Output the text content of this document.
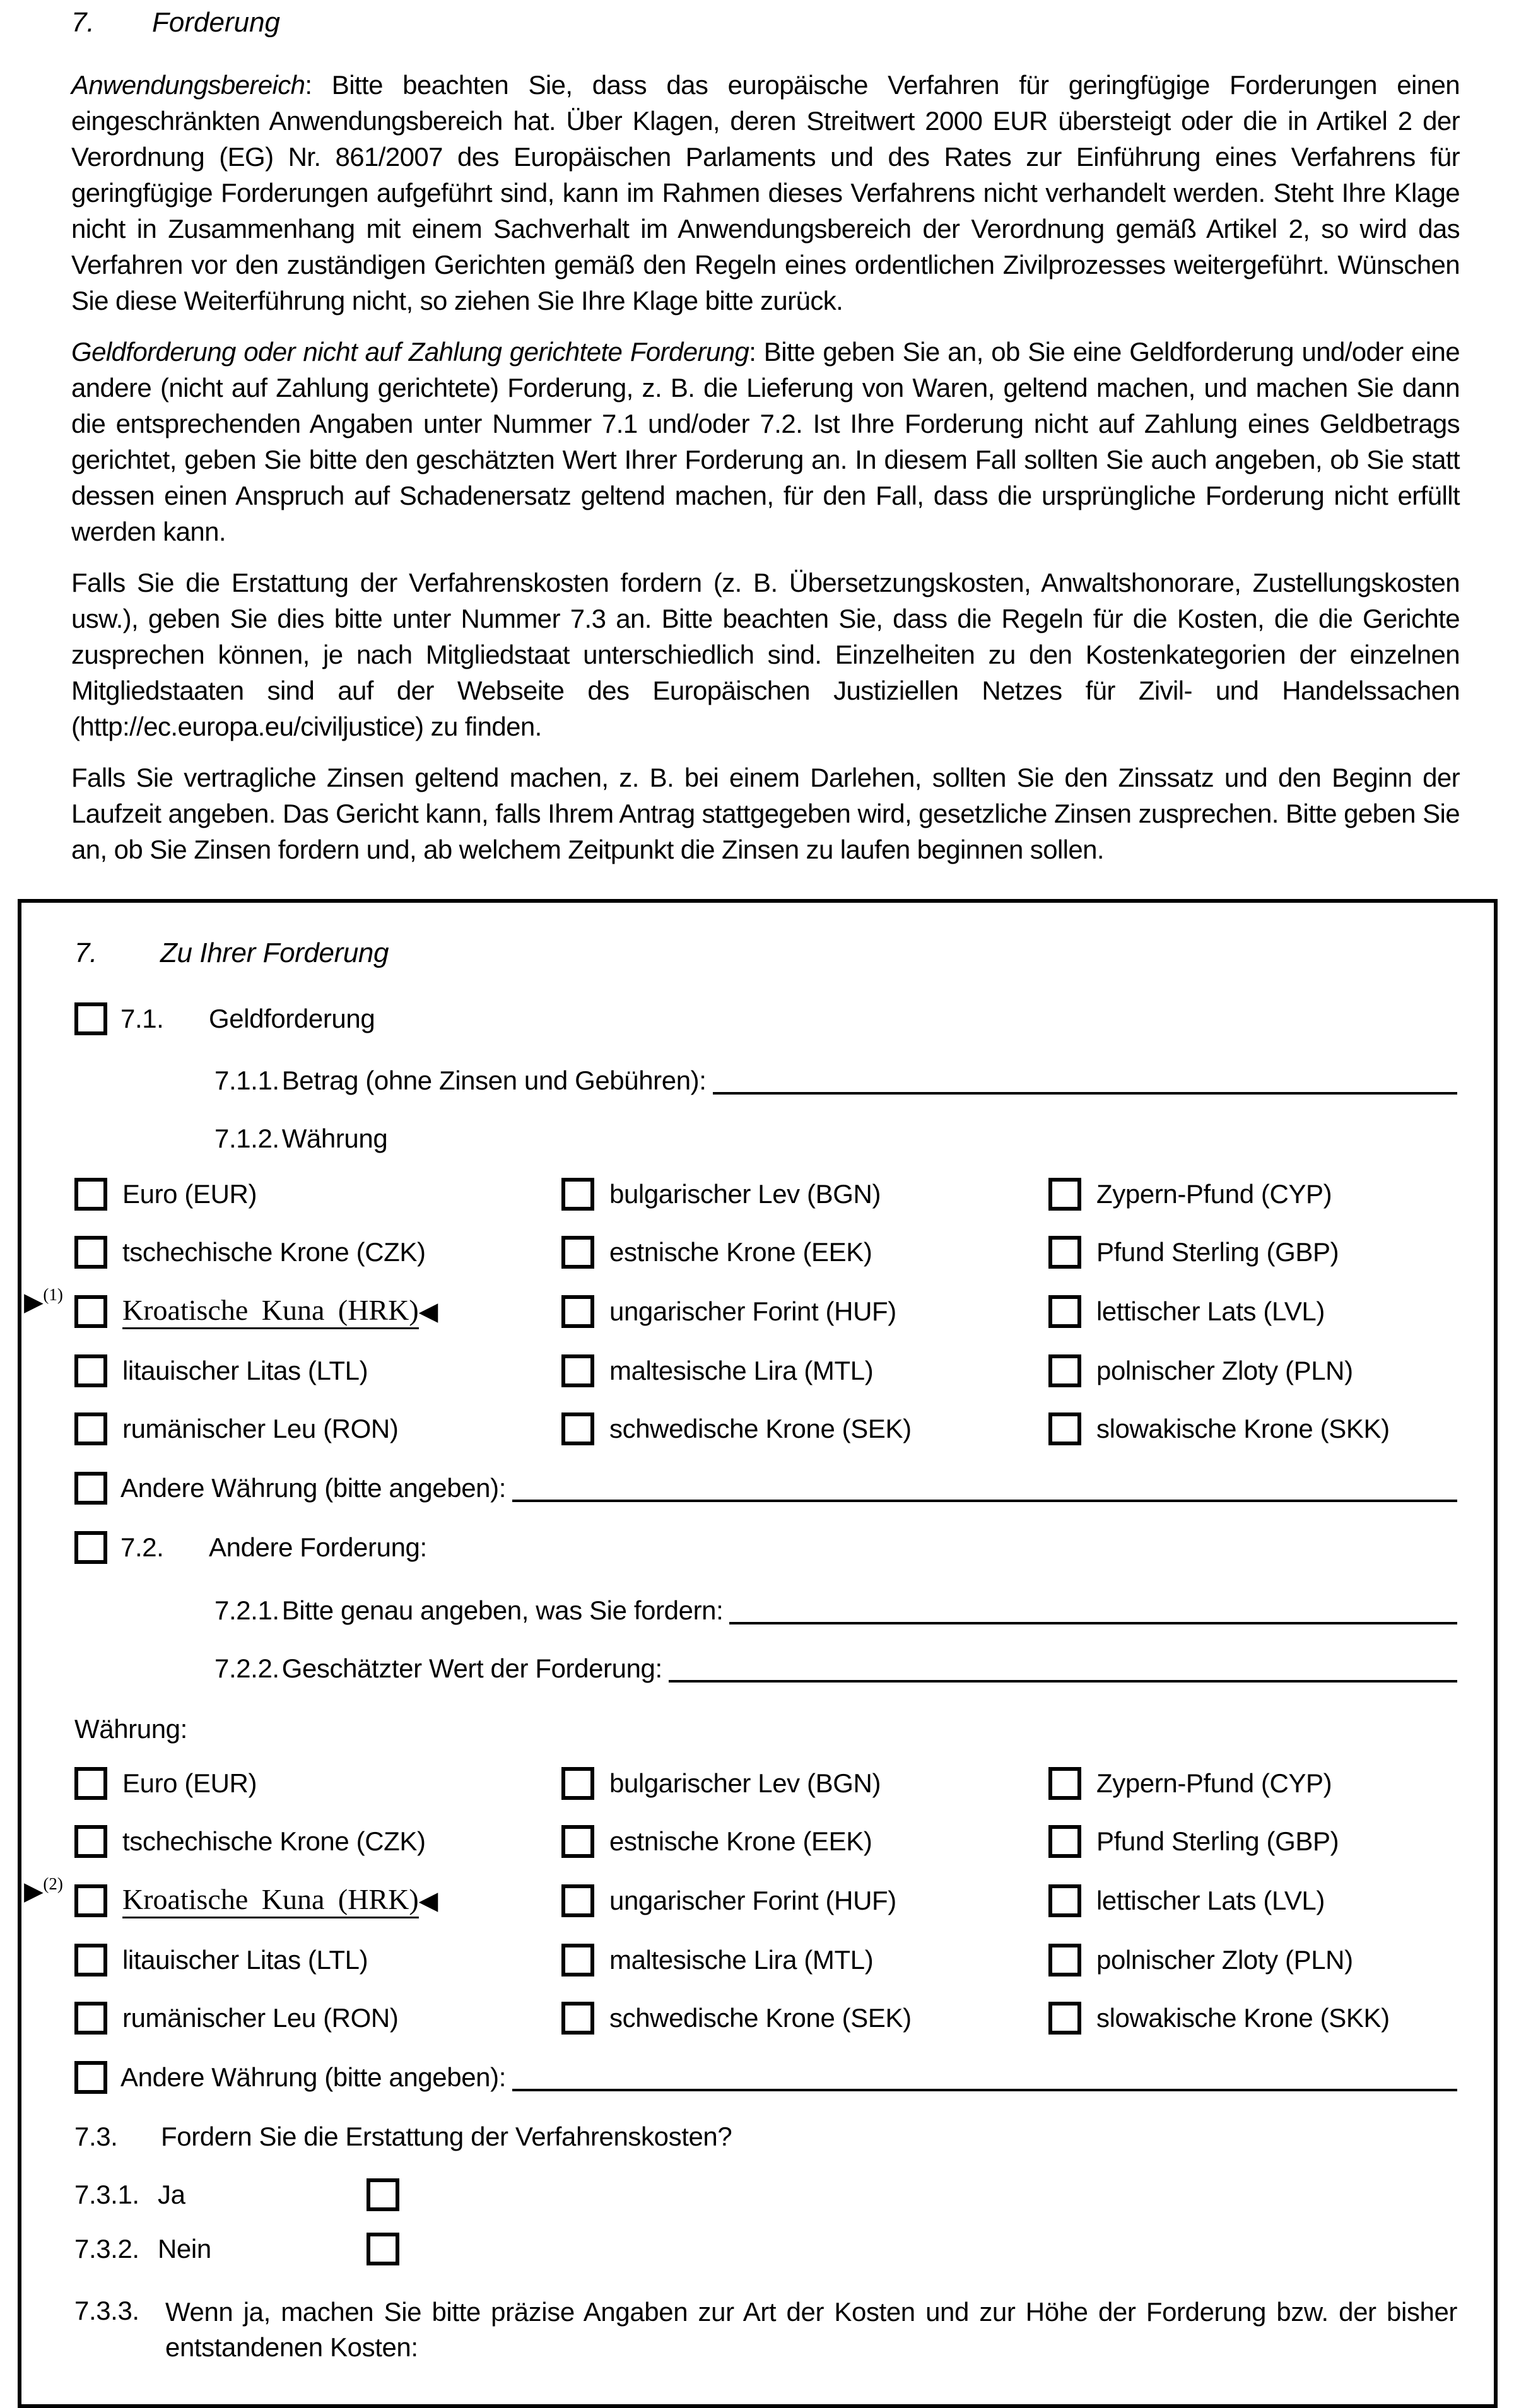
7.	Forderung

Anwendungsbereich: Bitte beachten Sie, dass das europäische Verfahren für geringfügige Forderungen einen eingeschränkten Anwendungsbereich hat. Über Klagen, deren Streitwert 2000 EUR übersteigt oder die in Artikel 2 der Verordnung (EG) Nr. 861/2007 des Europäischen Parlaments und des Rates zur Einführung eines Verfahrens für geringfügige Forderungen aufgeführt sind, kann im Rahmen dieses Verfahrens nicht verhandelt werden. Steht Ihre Klage nicht in Zusammenhang mit einem Sachverhalt im Anwendungsbereich der Verordnung gemäß Artikel 2, so wird das Verfahren vor den zuständigen Gerichten gemäß den Regeln eines ordentlichen Zivilprozesses weitergeführt. Wünschen Sie diese Weiterführung nicht, so ziehen Sie Ihre Klage bitte zurück.

Geldforderung oder nicht auf Zahlung gerichtete Forderung: Bitte geben Sie an, ob Sie eine Geldforderung und/oder eine andere (nicht auf Zahlung gerichtete) Forderung, z. B. die Lieferung von Waren, geltend machen, und machen Sie dann die entsprechenden Angaben unter Nummer 7.1 und/oder 7.2. Ist Ihre Forderung nicht auf Zahlung eines Geldbetrags gerichtet, geben Sie bitte den geschätzten Wert Ihrer Forderung an. In diesem Fall sollten Sie auch angeben, ob Sie statt dessen einen Anspruch auf Schadenersatz geltend machen, für den Fall, dass die ursprüngliche Forderung nicht erfüllt werden kann.

Falls Sie die Erstattung der Verfahrenskosten fordern (z. B. Übersetzungskosten, Anwaltshonorare, Zustellungskosten usw.), geben Sie dies bitte unter Nummer 7.3 an. Bitte beachten Sie, dass die Regeln für die Kosten, die die Gerichte zusprechen können, je nach Mitgliedstaat unterschiedlich sind. Einzelheiten zu den Kostenkategorien der einzelnen Mitgliedstaaten sind auf der Webseite des Europäischen Justiziellen Netzes für Zivil- und Handelssachen (http://ec.europa.eu/civiljustice) zu finden.

Falls Sie vertragliche Zinsen geltend machen, z. B. bei einem Darlehen, sollten Sie den Zinssatz und den Beginn der Laufzeit angeben. Das Gericht kann, falls Ihrem Antrag stattgegeben wird, gesetzliche Zinsen zusprechen. Bitte geben Sie an, ob Sie Zinsen fordern und, ab welchem Zeitpunkt die Zinsen zu laufen beginnen sollen.

7.	Zu Ihrer Forderung
7.1.	Geldforderung
7.1.1. Betrag (ohne Zinsen und Gebühren):
7.1.2. Währung
Euro (EUR)	bulgarischer Lev (BGN)	Zypern-Pfund (CYP)
tschechische Krone (CZK)	estnische Krone (EEK)	Pfund Sterling (GBP)
▶$^{(1)}$ Kroatische Kuna (HRK) ◀	ungarischer Forint (HUF)	lettischer Lats (LVL)
litauischer Litas (LTL)	maltesische Lira (MTL)	polnischer Zloty (PLN)
rumänischer Leu (RON)	schwedische Krone (SEK)	slowakische Krone (SKK)
Andere Währung (bitte angeben):
7.2.	Andere Forderung:
7.2.1. Bitte genau angeben, was Sie fordern:
7.2.2. Geschätzter Wert der Forderung:
Währung:
Euro (EUR)	bulgarischer Lev (BGN)	Zypern-Pfund (CYP)
tschechische Krone (CZK)	estnische Krone (EEK)	Pfund Sterling (GBP)
▶$^{(2)}$ Kroatische Kuna (HRK) ◀	ungarischer Forint (HUF)	lettischer Lats (LVL)
litauischer Litas (LTL)	maltesische Lira (MTL)	polnischer Zloty (PLN)
rumänischer Leu (RON)	schwedische Krone (SEK)	slowakische Krone (SKK)
Andere Währung (bitte angeben):
7.3.	Fordern Sie die Erstattung der Verfahrenskosten?
7.3.1. Ja
7.3.2. Nein
7.3.3. Wenn ja, machen Sie bitte präzise Angaben zur Art der Kosten und zur Höhe der Forderung bzw. der bisher entstandenen Kosten:
